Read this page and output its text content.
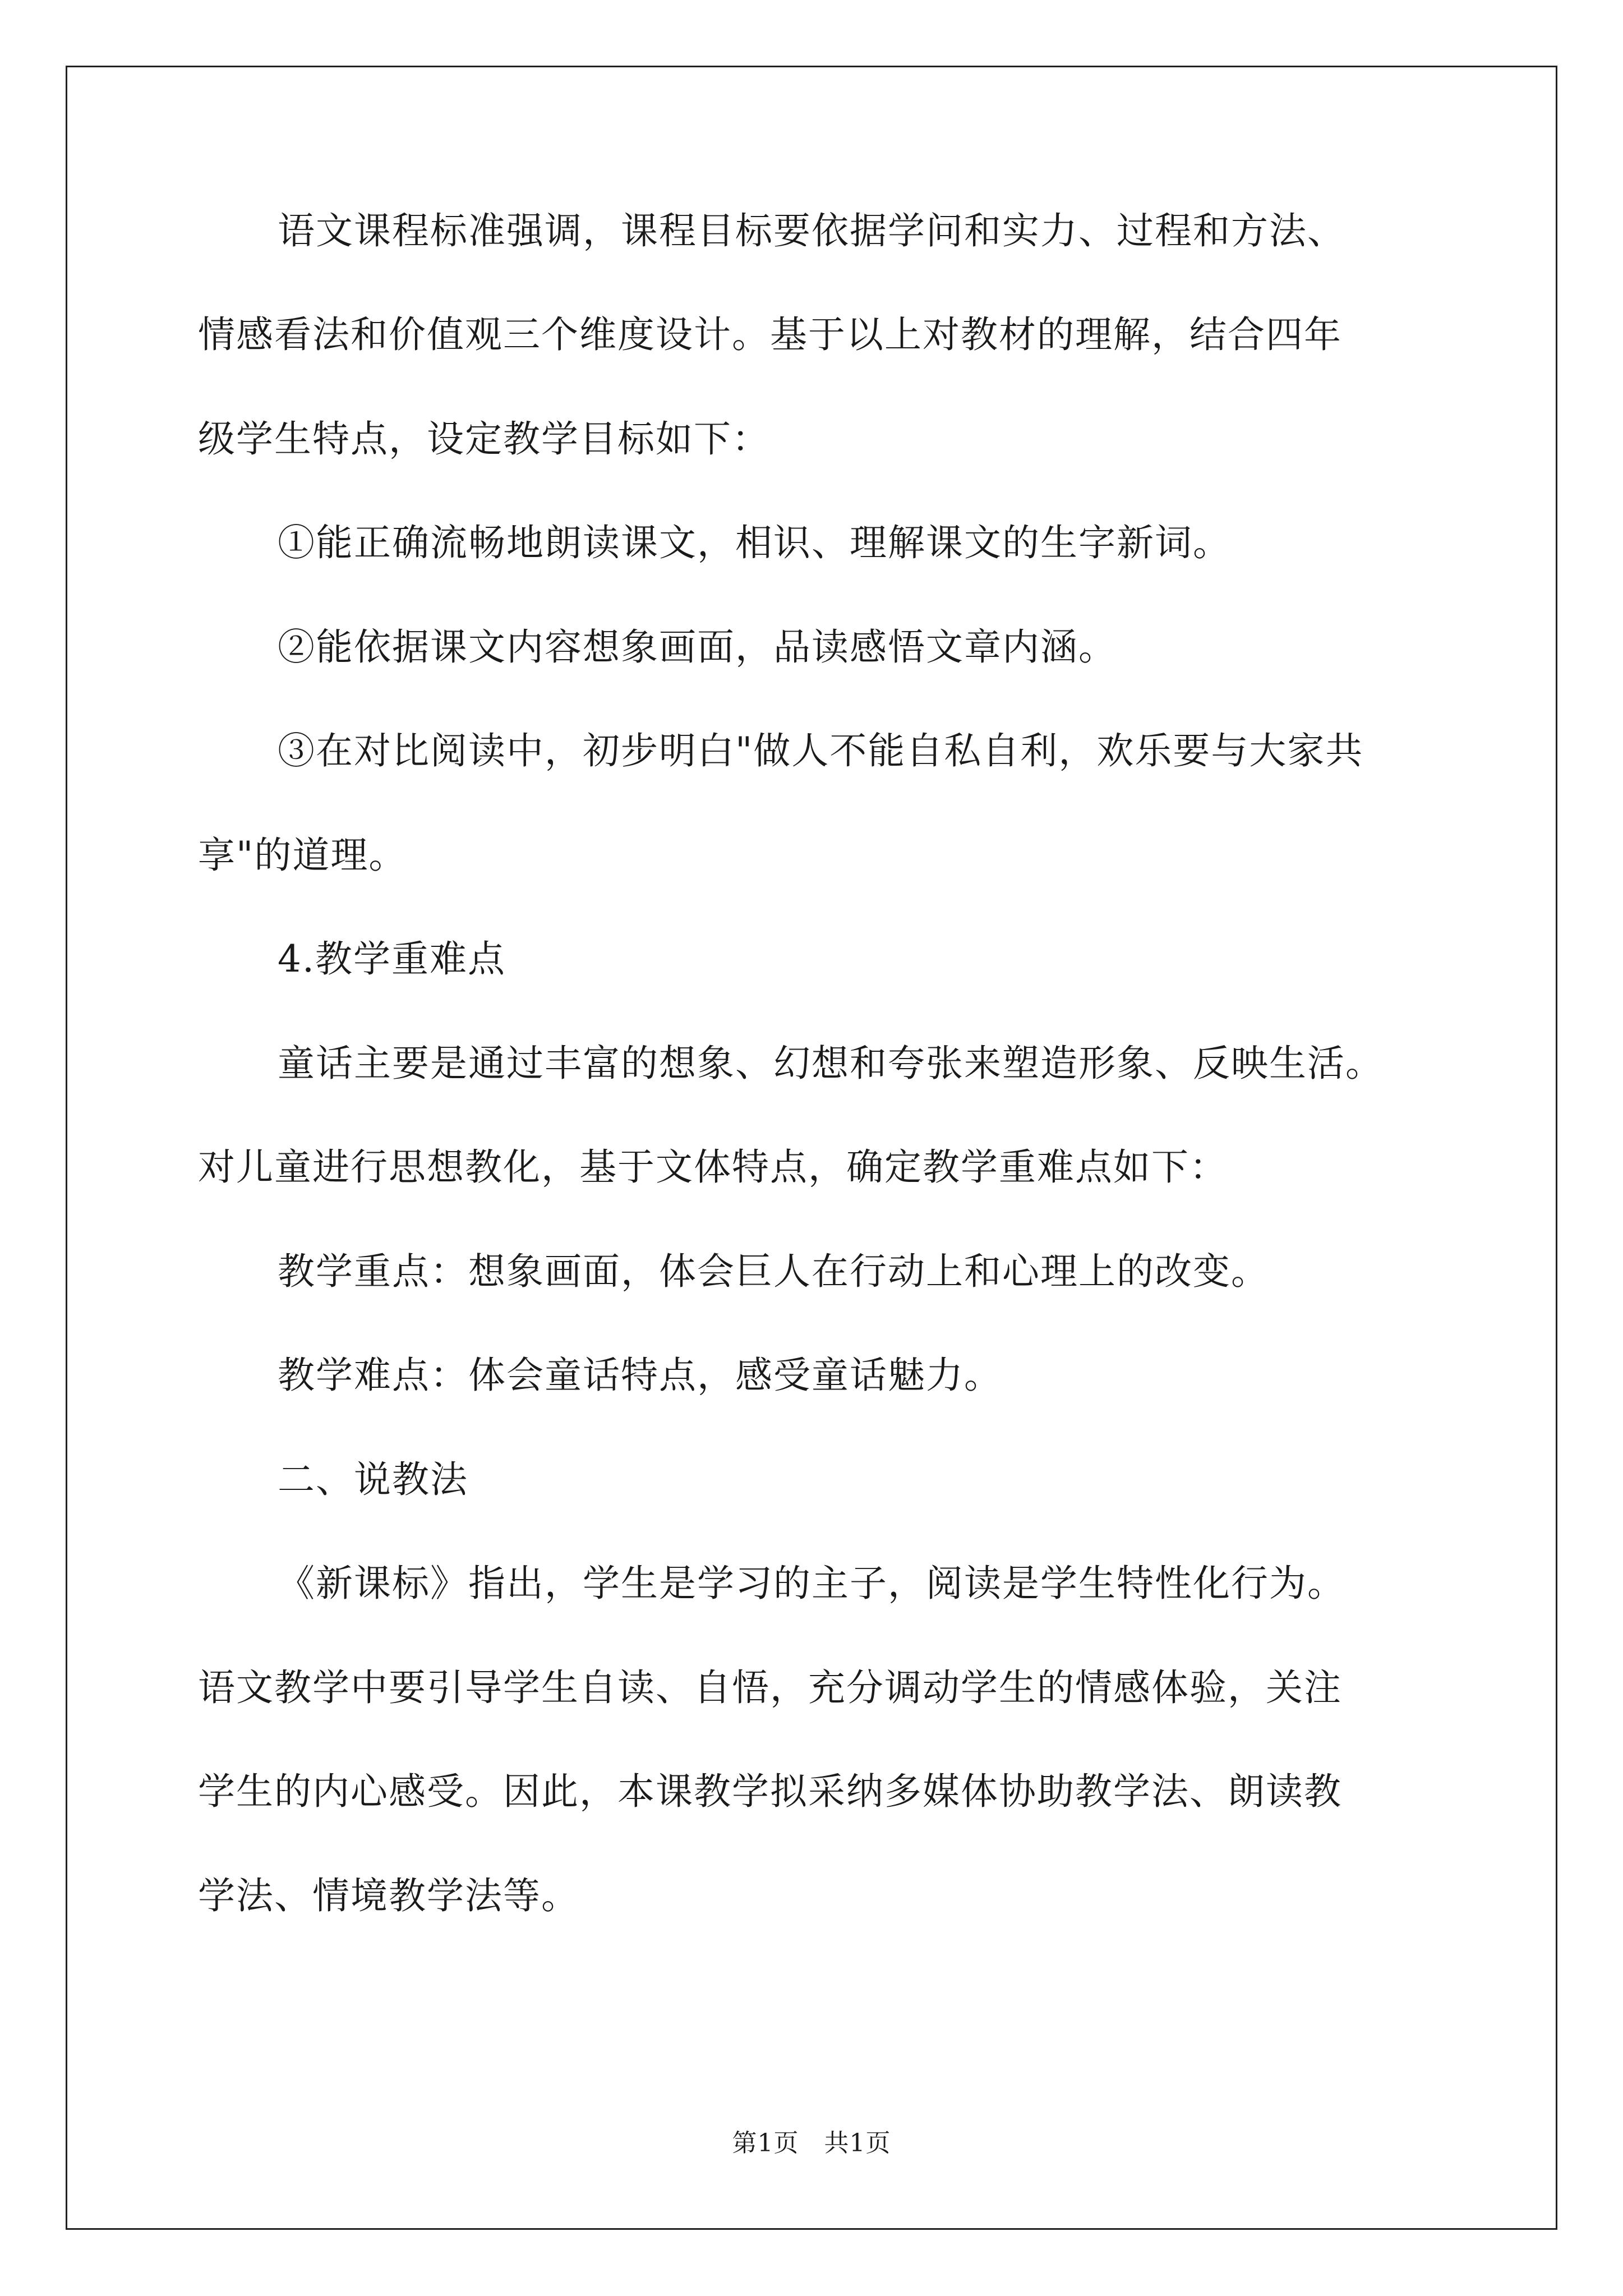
语文课程标准强调，课程目标要依据学问和实力、过程和方法、
情感看法和价值观三个维度设计。基于以上对教材的理解，结合四年
级学生特点，设定教学目标如下：
①能正确流畅地朗读课文，相识、理解课文的生字新词。
②能依据课文内容想象画面，品读感悟文章内涵。
③在对比阅读中，初步明白"做人不能自私自利，欢乐要与大家共
享"的道理。
4.教学重难点
童话主要是通过丰富的想象、幻想和夸张来塑造形象、反映生活。
对儿童进行思想教化，基于文体特点，确定教学重难点如下：
教学重点：想象画面，体会巨人在行动上和心理上的改变。
教学难点：体会童话特点，感受童话魅力。
二、说教法
《新课标》指出，学生是学习的主子，阅读是学生特性化行为。
语文教学中要引导学生自读、自悟，充分调动学生的情感体验，关注
学生的内心感受。因此，本课教学拟采纳多媒体协助教学法、朗读教
学法、情境教学法等。
第1页　共1页
